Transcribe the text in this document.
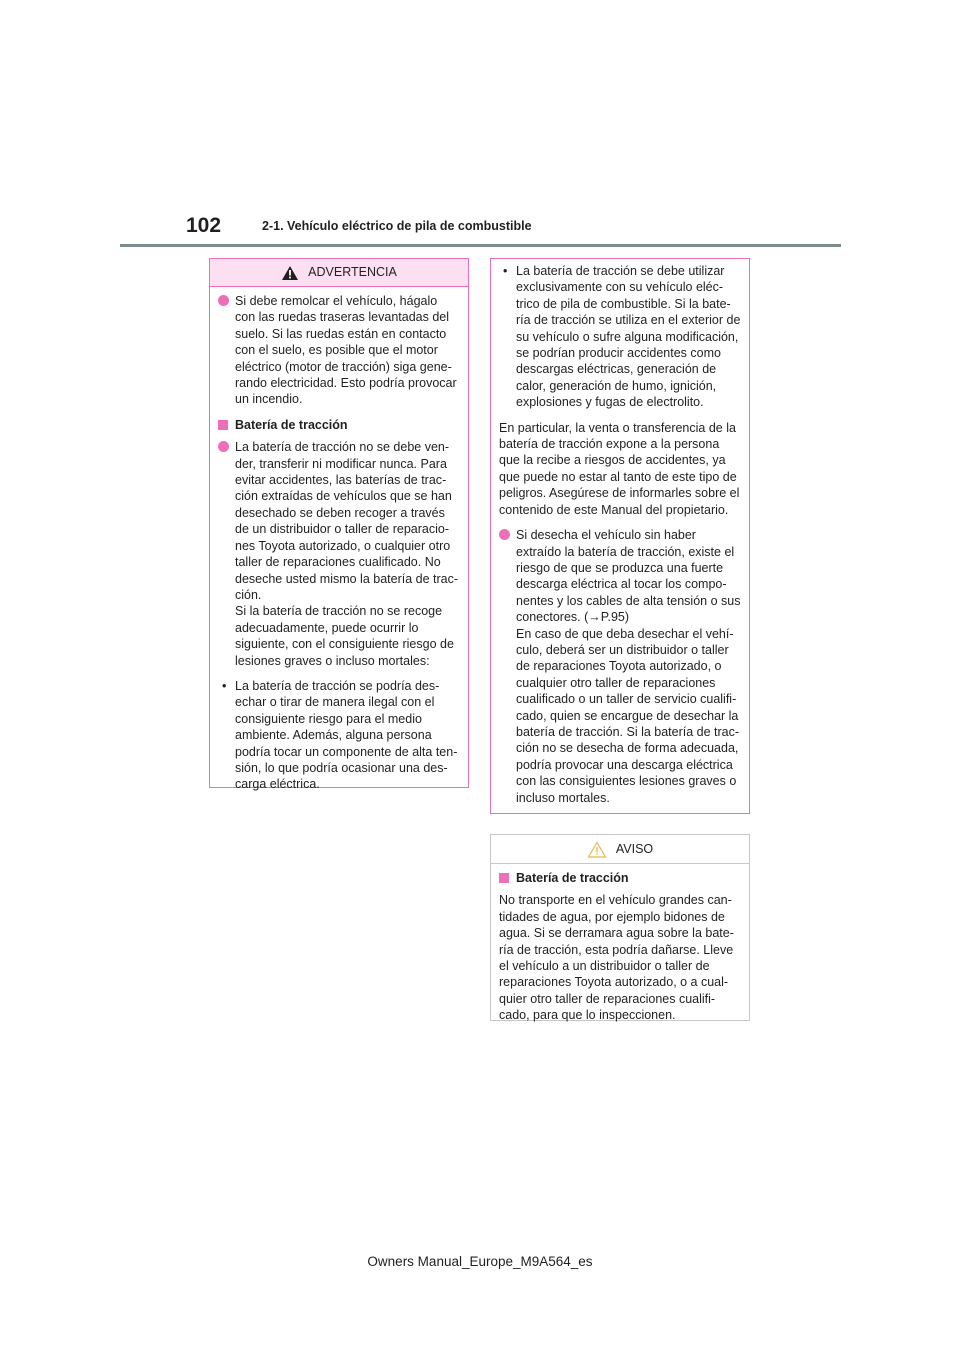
102	2-1. Vehículo eléctrico de pila de combustible
ADVERTENCIA
Si debe remolcar el vehículo, hágalo con las ruedas traseras levantadas del suelo. Si las ruedas están en contacto con el suelo, es posible que el motor eléctrico (motor de tracción) siga generando electricidad. Esto podría provocar un incendio.
Batería de tracción
La batería de tracción no se debe vender, transferir ni modificar nunca. Para evitar accidentes, las baterías de tracción extraídas de vehículos que se han desechado se deben recoger a través de un distribuidor o taller de reparaciones Toyota autorizado, o cualquier otro taller de reparaciones cualificado. No deseche usted mismo la batería de tracción.
Si la batería de tracción no se recoge adecuadamente, puede ocurrir lo siguiente, con el consiguiente riesgo de lesiones graves o incluso mortales:
• La batería de tracción se podría desechar o tirar de manera ilegal con el consiguiente riesgo para el medio ambiente. Además, alguna persona podría tocar un componente de alta tensión, lo que podría ocasionar una descarga eléctrica.
• La batería de tracción se debe utilizar exclusivamente con su vehículo eléctrico de pila de combustible. Si la batería de tracción se utiliza en el exterior de su vehículo o sufre alguna modificación, se podrían producir accidentes como descargas eléctricas, generación de calor, generación de humo, ignición, explosiones y fugas de electrolito.
En particular, la venta o transferencia de la batería de tracción expone a la persona que la recibe a riesgos de accidentes, ya que puede no estar al tanto de este tipo de peligros. Asegúrese de informarles sobre el contenido de este Manual del propietario.
Si desecha el vehículo sin haber extraído la batería de tracción, existe el riesgo de que se produzca una fuerte descarga eléctrica al tocar los componentes y los cables de alta tensión o sus conectores. (→P.95)
En caso de que deba desechar el vehículo, deberá ser un distribuidor o taller de reparaciones Toyota autorizado, o cualquier otro taller de reparaciones cualificado o un taller de servicio cualificado, quien se encargue de desechar la batería de tracción. Si la batería de tracción no se desecha de forma adecuada, podría provocar una descarga eléctrica con las consiguientes lesiones graves o incluso mortales.
AVISO
Batería de tracción
No transporte en el vehículo grandes cantidades de agua, por ejemplo bidones de agua. Si se derramara agua sobre la batería de tracción, esta podría dañarse. Lleve el vehículo a un distribuidor o taller de reparaciones Toyota autorizado, o a cualquier otro taller de reparaciones cualificado, para que lo inspeccionen.
Owners Manual_Europe_M9A564_es
